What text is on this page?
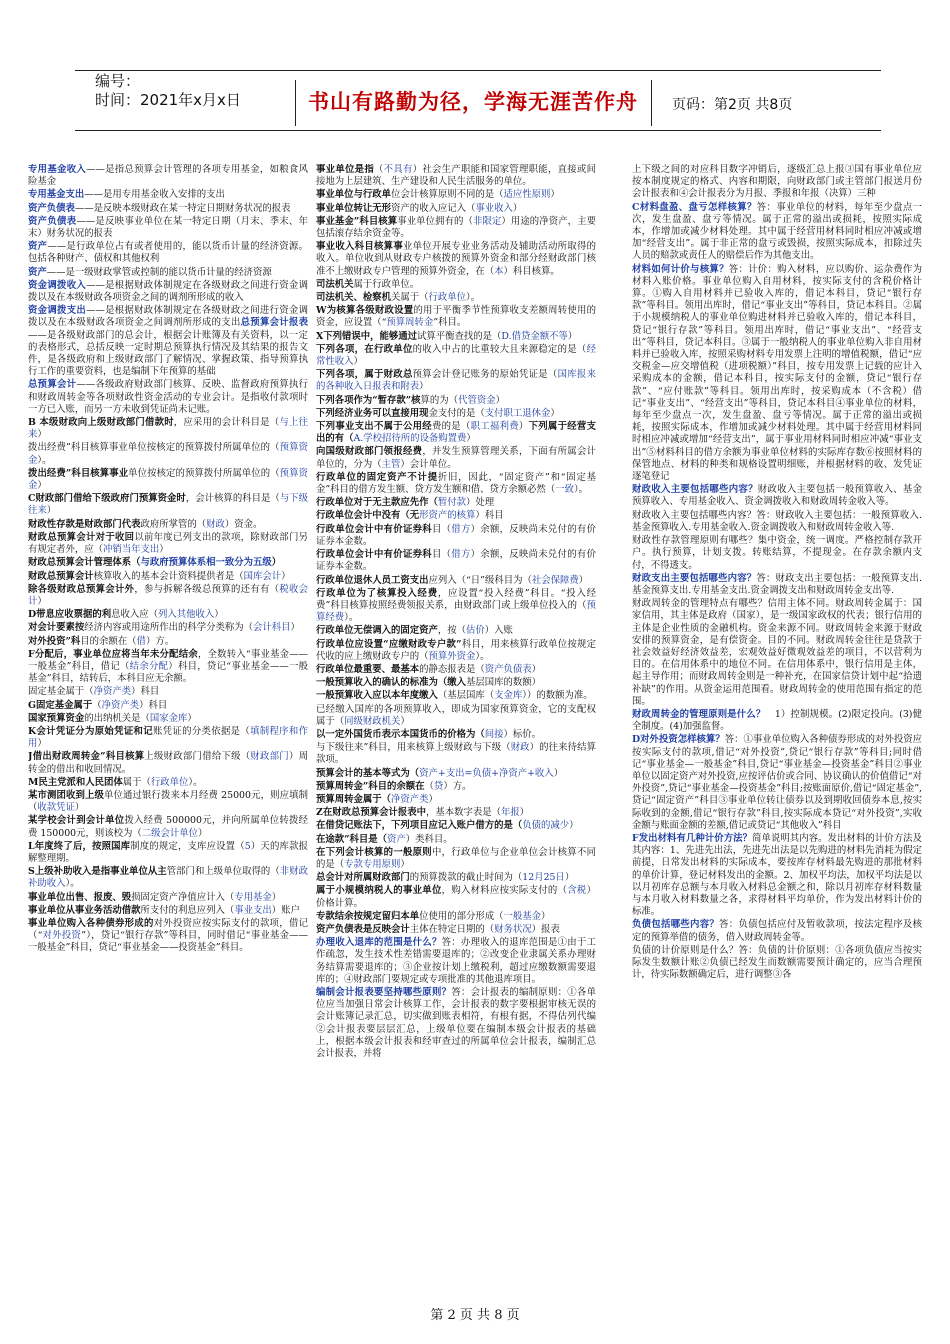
编号：
时间：2021年x月x日	书山有路勤为径，学海无涯苦作舟	页码：第2页 共8页

专用基金收入——是指总预算会计管理的各项专用基金，如粮食风险基金

专用基金支出——是用专用基金收入安排的支出

资产负债表——是反映本级财政在某一特定日期财务状况的报表

资产负债表——是反映事业单位在某一特定日期（月末、季末、年末）财务状况的报表

资产——是行政单位占有或者使用的，能以货币计量的经济资源。包括各种财产、债权和其他权利

资产——是一级财政掌管或控制的能以货币计量的经济资源

资金调拨收入——是根据财政体制规定在各级财政之间进行资金调拨以及在本级财政各项资金之间的调剂所形成的收入

资金调拨支出——是根据财政体制规定在各级财政之间进行资金调拨以及在本级财政各项资金之间调剂所形成的支出总预算会计报表——是各级财政部门的总会计，根据会计账簿及有关资料，以一定的表格形式，总括反映一定时期总预算执行情况及其结果的报告文件，是各级政府和上级财政部门了解情况、掌握政策、指导预算执行工作的重要资料，也是编制下年预算的基础

总预算会计——各级政府财政部门核算、反映、监督政府预算执行和财政周转金等各项财政性资金活动的专业会计。是指收付款项时一方已入账，而另一方未收到凭证尚未记账。

B 本级财政向上级财政部门借款时，应采用的会计科目是（与上往来）

拨出经费”科目核算事业单位按核定的预算拨付所属单位的（预算资金）。

拨出经费”科目核算事业单位按核定的预算拨付所属单位的（预算资金）

C财政部门借给下级政府门预算资金时，会计核算的科目是（与下级往来）

财政性存款是财政部门代表政府所掌管的（财政）资金。

财政总预算会计对于收回以前年度已列支出的款项，除财政部门另有规定者外，应（冲销当年支出）

财政总预算会计管理体系（与政府预算体系相一致分为五级）

财政总预算会计核算收入的基本会计资料提供者是（国库会计）

除各级财政总预算会计外，参与拆解各级总预算的还有有（税收会计）

D带息应收票据的利息收入应（列入其他收入）

对会计要素按经济内容或用途所作出的科学分类称为（会计科目）

对外投资”科目的余额在（借）方。

F分配后，事业单位应将当年未分配结余，全数转入“事业基金——一般基金”科目，借记（结余分配）科目，贷记“事业基金——一般基金”科目，结转后，本科目应无余额。

固定基金属于（净资产类）科目

G固定基金属于（净资产类）科目

国家预算资金的出纳机关是（国家金库）

K会计凭证分为原始凭证和记账凭证的分类依据是（填制程序和作用）

J借出财政周转金”科目核算上级财政部门借给下级（财政部门）周转金的借出和收回情况。

M民主党派和人民团体属于（行政单位）。

某市测团收到上级单位通过银行拨来本月经费 25000元，则应填制（收款凭证）

某学校会计到会计单位拨入经费 500000元，并向所属单位转拨经费 150000元，则该校为（二级会计单位）

L年度终了后，按照国库制度的规定，支库应设置（5）天的库款报解整理期。

S上级补助收入是指事业单位从主管部门和上级单位取得的（非财政补助收入）。

事业单位出售、报废、毁损固定资产净值应计入（专用基金）

事业单位从事业务活动借款所支付的利息应列入（事业支出）账户

事业单位购入各种债券形成的对外投资应按实际支付的款项，借记（“对外投资”），贷记“银行存款”等科目，同时借记“事业基金——一般基金”科目，贷记“事业基金——投资基金”科目。

事业单位是指（不具有）社会生产职能和国家管理职能，直接或间接地为上层建筑、生产建设和人民生活服务的单位。

事业单位与行政单位会计核算原则不同的是（适应性原则）

事业单位转让无形资产的收入应记入（事业收入）

事业基金”科目核算事业单位拥有的（非限定）用途的净资产，主要包括滚存结余资金等。

事业收入科目核算事业单位开展专业业务活动及辅助活动所取得的收入。单位收到从财政专户核拨的预算外资金和部分经财政部门核准不上缴财政专户管理的预算外资金，在（本）科目核算。

司法机关属于行政单位。

司法机关、检察机关属于（行政单位）。

W为核算各级财政设置的用于平衡季节性预算收支差额周转使用的资金，应设置（“预算周转金”科目。

X下列错误中，能够通过试算平衡查找的是（D.借贷金额不等）

下列各项，在行政单位的收入中占的比重较大且来源稳定的是（经常性收入）

下列各项，属于财政总预算会计登记账务的原始凭证是（国库报来的各种收入日报表和附表）

下列各项作为“暂存款”核算的为（代管资金）

下列经济业务可以直接用现金支付的是（支付职工退休金）

下列事业支出不属于公用经费的是（职工福利费）下列属于经营支出的有（A.学校招待所的设备购置费）

向国级财政部门领报经费，并发生预算管理关系，下面有所属会计单位的，分为（主管）会计单位。

行政单位的固定资产不计提折旧，因此，“固定资产”和“固定基金”科目的借方发生额、贷方发生额和借、贷方余额必然（一致）。

行政单位对于无主款应先作（暂付款）处理

行政单位会计中没有（无形资产的核算）科目

行政单位会计中有价证券科目（借方）余额，反映尚未兑付的有价证券本金数。

行政单位会计中有价证券科目（借方）余额，反映尚未兑付的有价证券本金数。

行政单位退休人员工资支出应列入（“日”级科目为（社会保障费）

行政单位为了核算投入经费，应设置“投入经费”科目。“投入经费”科目核算按照经费领报关系，由财政部门或上级单位投入的（预算经费）。

行政单位无偿调入的固定资产，按（估价）入账

行政单位应设置“应缴财政专户款”科目，用来核算行政单位按规定代收的应上缴财政专户的（预算外资金）。

行政单位最重要、最基本的静态报表是（资产负债表）

一般预算收入的确认的标准为（缴入基层国库的数额）

一般预算收入应以本年度缴入（基层国库（支金库））的数额为准。

已经缴入国库的各项预算收入，即成为国家预算资金，它的支配权属于（同级财政机关）

以一定外国货币表示本国货币的价格为（间接）标价。

与下级往来”科目，用来核算上级财政与下级（财政）的往来待结算款项。

预算会计的基本等式为（资产+支出=负债+净资产+收入）

预算周转金”科目的余额在（贷）方。

预算周转金属于（净资产类）

Z在财政总预算会计报表中，基本数字表是（年报）

在借贷记账法下，下列项目应记入账户借方的是（负债的减少）

在途款”科目是（资产）类科目。

在下列会计核算的一般原则中，行政单位与企业单位会计核算不同的是（专款专用原则）

总会计对所属财政部门的预算拨款的截止时间为（12月25日）

属于小规模纳税人的事业单位，购入材料应按实际支付的（含税）价格计算。

专款结余按规定留归本单位使用的部分形成（一般基金）

资产负债表是反映会计主体在特定日期的（财务状况）报表

办理收入退库的范围是什么？答：办理收入的退库范围是①由于工作疏忽，发生技术性差错需要退库的；②改变企业隶属关系办理财务结算需要退库的；③企业按计划上缴税利，超过应缴数额需要退库的；④财政部门要规定或专项批准的其他退库项目。

编制会计报表要坚持哪些原则？答：会计报表的编制原则：①各单位应当加强日常会计核算工作，会计报表的数字要根据审核无误的会计账簿记录汇总，切实做到账表相符，有根有据，不得估列代编②会计报表要层层汇总，上级单位要在编制本级会计报表的基础上，根据本级会计报表和经审查过的所属单位会计报表，编制汇总会计报表，并将

上下级之间的对应科目数字冲销后，逐级汇总上报③国有事业单位应按本制度规定的格式、内容和期限，向财政部门或主管部门报送月份会计报表和④会计报表分为月报、季报和年报（决算）三种

C材料盘盈、盘亏怎样核算？答：事业单位的材料，每年至少盘点一次，发生盘盈、盘亏等情况。属于正常的溢出或损耗，按照实际成本，作增加或减少材料处理。其中属于经营用材料同时相应冲减或增加“经营支出”。属于非正常的盘亏或毁损，按照实际成本，扣除过失人员的赔款或责任人的赔偿后作为其他支出。

材料如何计价与核算？答：计价：购入材料，应以购价、运杂费作为材料入账价格。事业单位购入自用材料，按实际支付的含税价格计算。①购入自用材料并已验收入库的，借记本科目，贷记“银行存款”等科目。领用出库时，借记“事业支出”等科目，贷记本科目。②属于小规模纳税人的事业单位购进材料并已验收入库的，借记本科目，贷记“银行存款”等科目。领用出库时，借记“事业支出”、“经营支出”等科目，贷记本科目。③属于一般纳税人的事业单位购入非自用材料并已验收入库，按照采购材料专用发票上注明的增值税额，借记“应交税金—应交增值税（进项税额）”科目，按专用发票上记载的应计入采购成本的金额，借记本科目，按实际支付的金额，贷记“银行存款”、“应付账款”等科目。领用出库时，按采购成本（不含税）借记“事业支出”、“经营支出”等科目，贷记本科目④事业单位的材料，每年至少盘点一次，发生盘盈、盘亏等情况。属于正常的溢出或损耗，按照实际成本，作增加或减少材料处理。其中属于经营用材料同时相应冲减或增加“经营支出”，属于事业用材料同时相应冲减“事业支出”⑤材料科目的借方余额为事业单位材料的实际库存数⑥按照材料的保管地点、材料的种类和规格设置明细账，并根据材料的收、发凭证逐笔登记

财政收入主要包括哪些内容？财政收入主要包括一般预算收入、基金预算收入、专用基金收入、资金调拨收入和财政周转金收入等。

财政收入主要包括哪些内容？答：财政收入主要包括：一般预算收入.基金预算收入.专用基金收入.资金调拨收入和财政周转金收入等.

财政性存款管理原则有哪些？集中资金，统一调度。严格控制存款开户。执行预算，计划支拨。转账结算，不提现金。在存款余额内支付，不得透支。

财政支出主要包括哪些内容？答：财政支出主要包括：一般预算支出.基金预算支出.专用基金支出.资金调拨支出和财政周转金支出等.

财政周转金的管理特点有哪些？信用主体不同。财政周转金属于：国家信用，其主体是政府（国家），是一级国家政权的代表；银行信用的主体是企业性质的金融机构。资金来源不同。财政周转金来源于财政安排的预算资金，是有偿资金。目的不同。财政周转金往往是贷款于社会效益好经济效益差，宏观效益好微观效益差的项目，不以营利为目的。在信用体系中的地位不同。在信用体系中，银行信用是主体，起主导作用；而财政周转金则是一种补充，在国家信贷计划中起“拾遗补缺”的作用。从资金运用范围看。财政周转金的使用范围有指定的范围。

财政周转金的管理原则是什么？　1）控制规模。(2)限定投向。(3)健全制度。(4)加强监督。

D对外投资怎样核算？答：①事业单位购入各种债券形成的对外投资应按实际支付的款项,借记“对外投资”,贷记“银行存款”等科目;同时借记“事业基金—一般基金”科目,贷记“事业基金—投资基金”科目②事业单位以固定资产对外投资,应按评估价或合同、协议确认的价值借记“对外投资”,贷记“事业基金—投资基金”科目;按账面原价,借记“固定基金”,贷记“固定资产”科目③事业单位转让债券以及到期收回债券本息,按实际收到的金额,借记“银行存款”科目,按实际成本贷记“对外投资”,实收金额与账面金额的差额,借记或贷记“其他收入”科目

F发出材料有几种计价方法？简单说明其内容。发出材料的计价方法及其内容：1、先进先出法，先进先出法是以先购进的材料先消耗为假定前提，日常发出材料的实际成本，要按库存材料最先购进的那批材料的单价计算，登记材料发出的金额。2、加权平均法，加权平均法是以以月初库存总额与本月收入材料总金额之和，除以月初库存材料数量与本月收入材料数量之各，求得材料平均单价，作为发出材料计价的标准。

负债包括哪些内容？答：负债包括应付及暂收款项，按法定程序及核定的预算举借的债务，借入财政周转金等。

负债的计价原则是什么？答：负债的计价原则：①各项负债应当按实际发生数额计账②负债已经发生而数额需要预计确定的，应当合理预计，待实际数额确定后，进行调整③各

第 2 页 共 8 页
